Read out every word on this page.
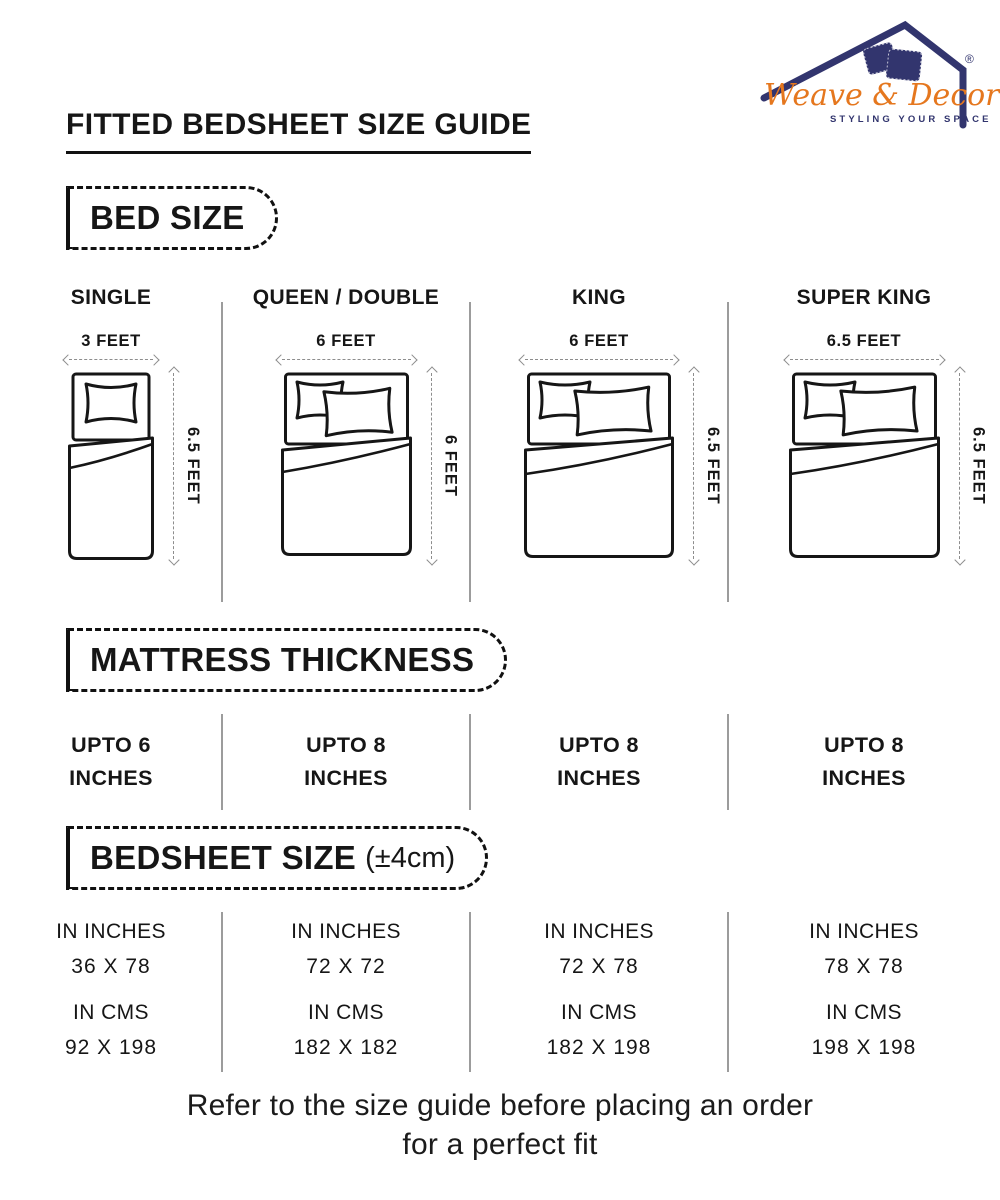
FITTED BEDSHEET SIZE GUIDE
®
Weave & Decor
STYLING YOUR SPACE
BED SIZE
SINGLE
3 FEET
6.5 FEET
QUEEN / DOUBLE
6 FEET
6 FEET
KING
6 FEET
6.5 FEET
SUPER KING
6.5 FEET
6.5 FEET
MATTRESS THICKNESS
UPTO 6
INCHES
UPTO 8
INCHES
UPTO 8
INCHES
UPTO 8
INCHES
BEDSHEET SIZE (±4cm)
IN INCHES
36 X 78
IN CMS
92 X 198
IN INCHES
72 X 72
IN CMS
182 X 182
IN INCHES
72 X 78
IN CMS
182 X 198
IN INCHES
78 X 78
IN CMS
198 X 198
Refer to the size guide before placing an order
for a perfect fit
